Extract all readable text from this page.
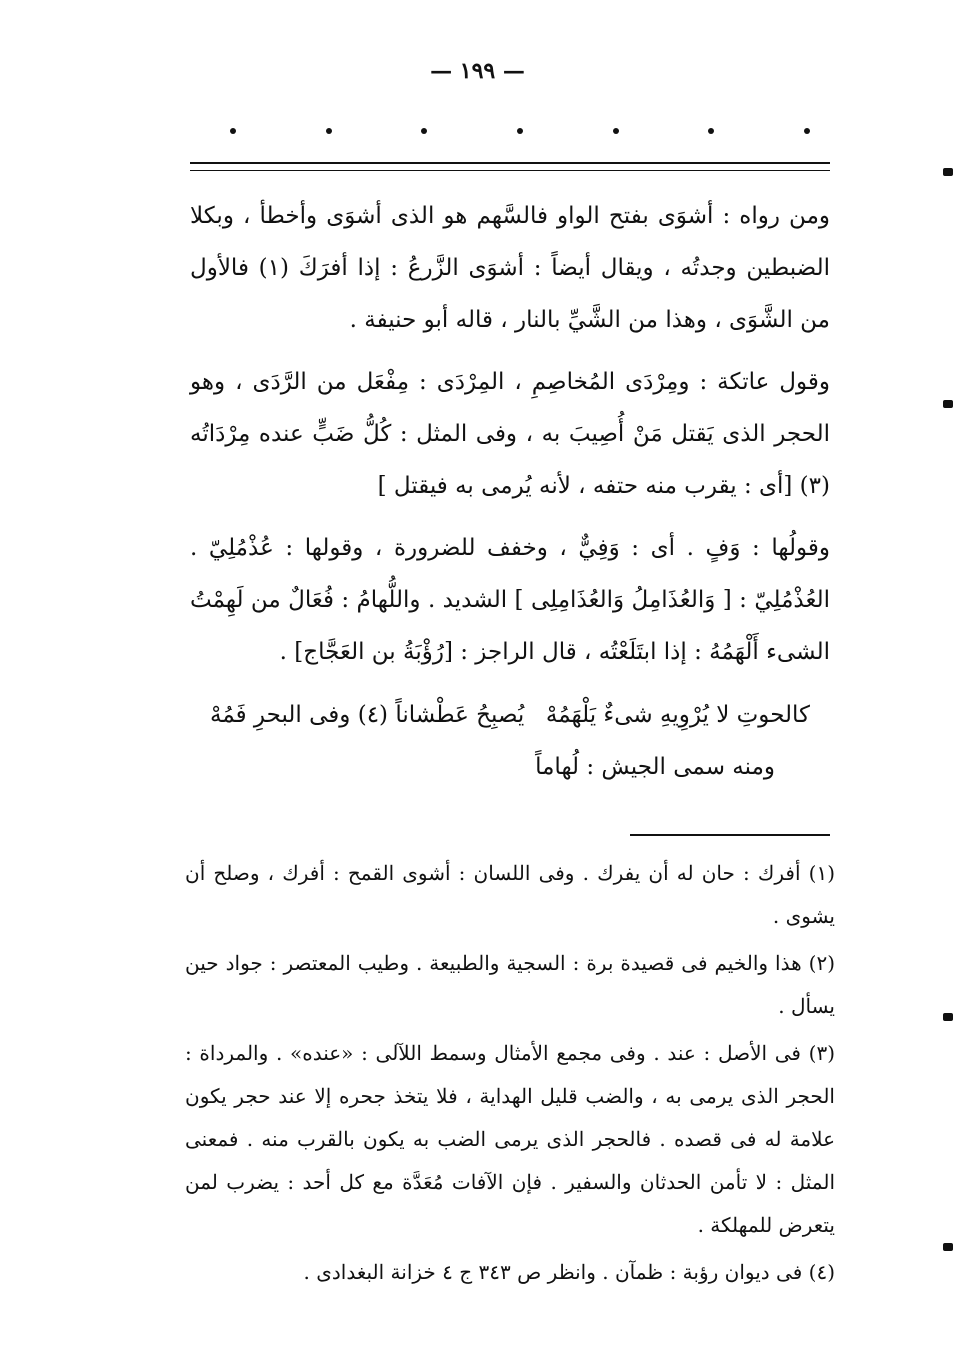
— ١٩٩ —

ومن رواه : أشوَى بفتح الواو فالسَّهم هو الذى أشوَى وأخطأ ، وبكلا الضبطين وجدتُه ، ويقال أيضاً : أشوَى الزَّرعُ : إذا أفرَكَ (١) فالأول من الشَّوَى ، وهذا من الشَّيِّ بالنار ، قاله أبو حنيفة .

وقول عاتكة : ومِرْدَى المُخاصِمِ ، المِرْدَى : مِفْعَل من الرَّدَى ، وهو الحجر الذى يَقتل مَنْ أُصِيبَ به ، وفى المثل : كُلُّ ضَبٍّ عنده مِرْدَاتُه (٣) [أى : يقرب منه حتفه ، لأنه يُرمى به فيقتل ]

وقولُها : وَفٍ . أى : وَفِيٌّ ، وخفف للضرورة ، وقولها : عُذْمُلِيّ . العُذْمُلِيّ : [ وَالعُذَامِلُ وَالعُذَامِلِى ] الشديد . واللُّهامُ : فُعَالٌ من لَهِمْتُ الشىء أَلْهَمُهُ : إذا ابتَلَعْتُه ، قال الراجز : [رُؤْبَةُ بن العَجَّاج] .

كالحوتِ لا يُرْوِيهِ شىءٌ يَلْهَمُهْ
يُصبِحُ عَطْشاناً (٤) وفى البحرِ فَمُهْ
ومنه سمى الجيش : لُهاماً

(١) أفرك : حان له أن يفرك . وفى اللسان : أشوى القمح : أفرك ، وصلح أن يشوى .

(٢) هذا والخيم فى قصيدة برة : السجية والطبيعة . وطيب المعتصر : جواد حين يسأل .

(٣) فى الأصل : عند . وفى مجمع الأمثال وسمط اللآلى : «عنده» . والمرداة : الحجر الذى يرمى به ، والضب قليل الهداية ، فلا يتخذ جحره إلا عند حجر يكون علامة له فى قصده . فالحجر الذى يرمى الضب به يكون بالقرب منه . فمعنى المثل : لا تأمن الحدثان والسفير . فإن الآفات مُعَدَّة مع كل أحد : يضرب لمن يتعرض للمهلكة .

(٤) فى ديوان رؤبة : ظمآن . وانظر ص ٣٤٣ ج ٤ خزانة البغدادى .
